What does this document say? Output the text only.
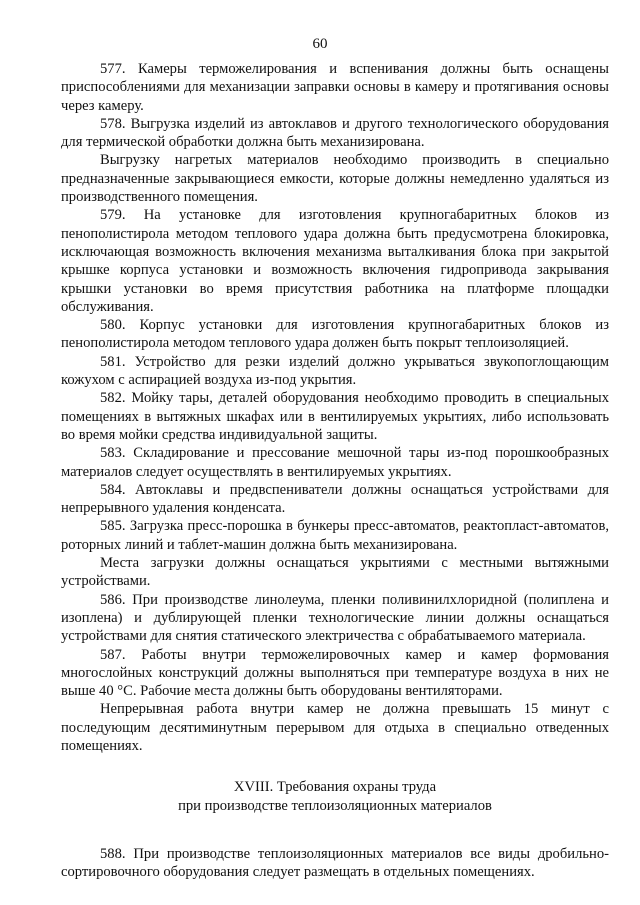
60

577. Камеры терможелирования и вспенивания должны быть оснащены приспособлениями для механизации заправки основы в камеру и протягивания основы через камеру.

578. Выгрузка изделий из автоклавов и другого технологического оборудования для термической обработки должна быть механизирована.

Выгрузку нагретых материалов необходимо производить в специально предназначенные закрывающиеся емкости, которые должны немедленно удаляться из производственного помещения.

579. На установке для изготовления крупногабаритных блоков из пенополистирола методом теплового удара должна быть предусмотрена блокировка, исключающая возможность включения механизма выталкивания блока при закрытой крышке корпуса установки и возможность включения гидропривода закрывания крышки установки во время присутствия работника на платформе площадки обслуживания.

580. Корпус установки для изготовления крупногабаритных блоков из пенополистирола методом теплового удара должен быть покрыт теплоизоляцией.

581. Устройство для резки изделий должно укрываться звукопоглощающим кожухом с аспирацией воздуха из-под укрытия.

582. Мойку тары, деталей оборудования необходимо проводить в специальных помещениях в вытяжных шкафах или в вентилируемых укрытиях, либо использовать во время мойки средства индивидуальной защиты.

583. Складирование и прессование мешочной тары из-под порошкообразных материалов следует осуществлять в вентилируемых укрытиях.

584. Автоклавы и предвспениватели должны оснащаться устройствами для непрерывного удаления конденсата.

585. Загрузка пресс-порошка в бункеры пресс-автоматов, реактопласт-автоматов, роторных линий и таблет-машин должна быть механизирована.

Места загрузки должны оснащаться укрытиями с местными вытяжными устройствами.

586. При производстве линолеума, пленки поливинилхлоридной (полиплена и изоплена) и дублирующей пленки технологические линии должны оснащаться устройствами для снятия статического электричества с обрабатываемого материала.

587. Работы внутри терможелировочных камер и камер формования многослойных конструкций должны выполняться при температуре воздуха в них не выше 40 °С. Рабочие места должны быть оборудованы вентиляторами.

Непрерывная работа внутри камер не должна превышать 15 минут с последующим десятиминутным перерывом для отдыха в специально отведенных помещениях.

XVIII. Требования охраны труда
при производстве теплоизоляционных материалов

588. При производстве теплоизоляционных материалов все виды дробильно-сортировочного оборудования следует размещать в отдельных помещениях.
